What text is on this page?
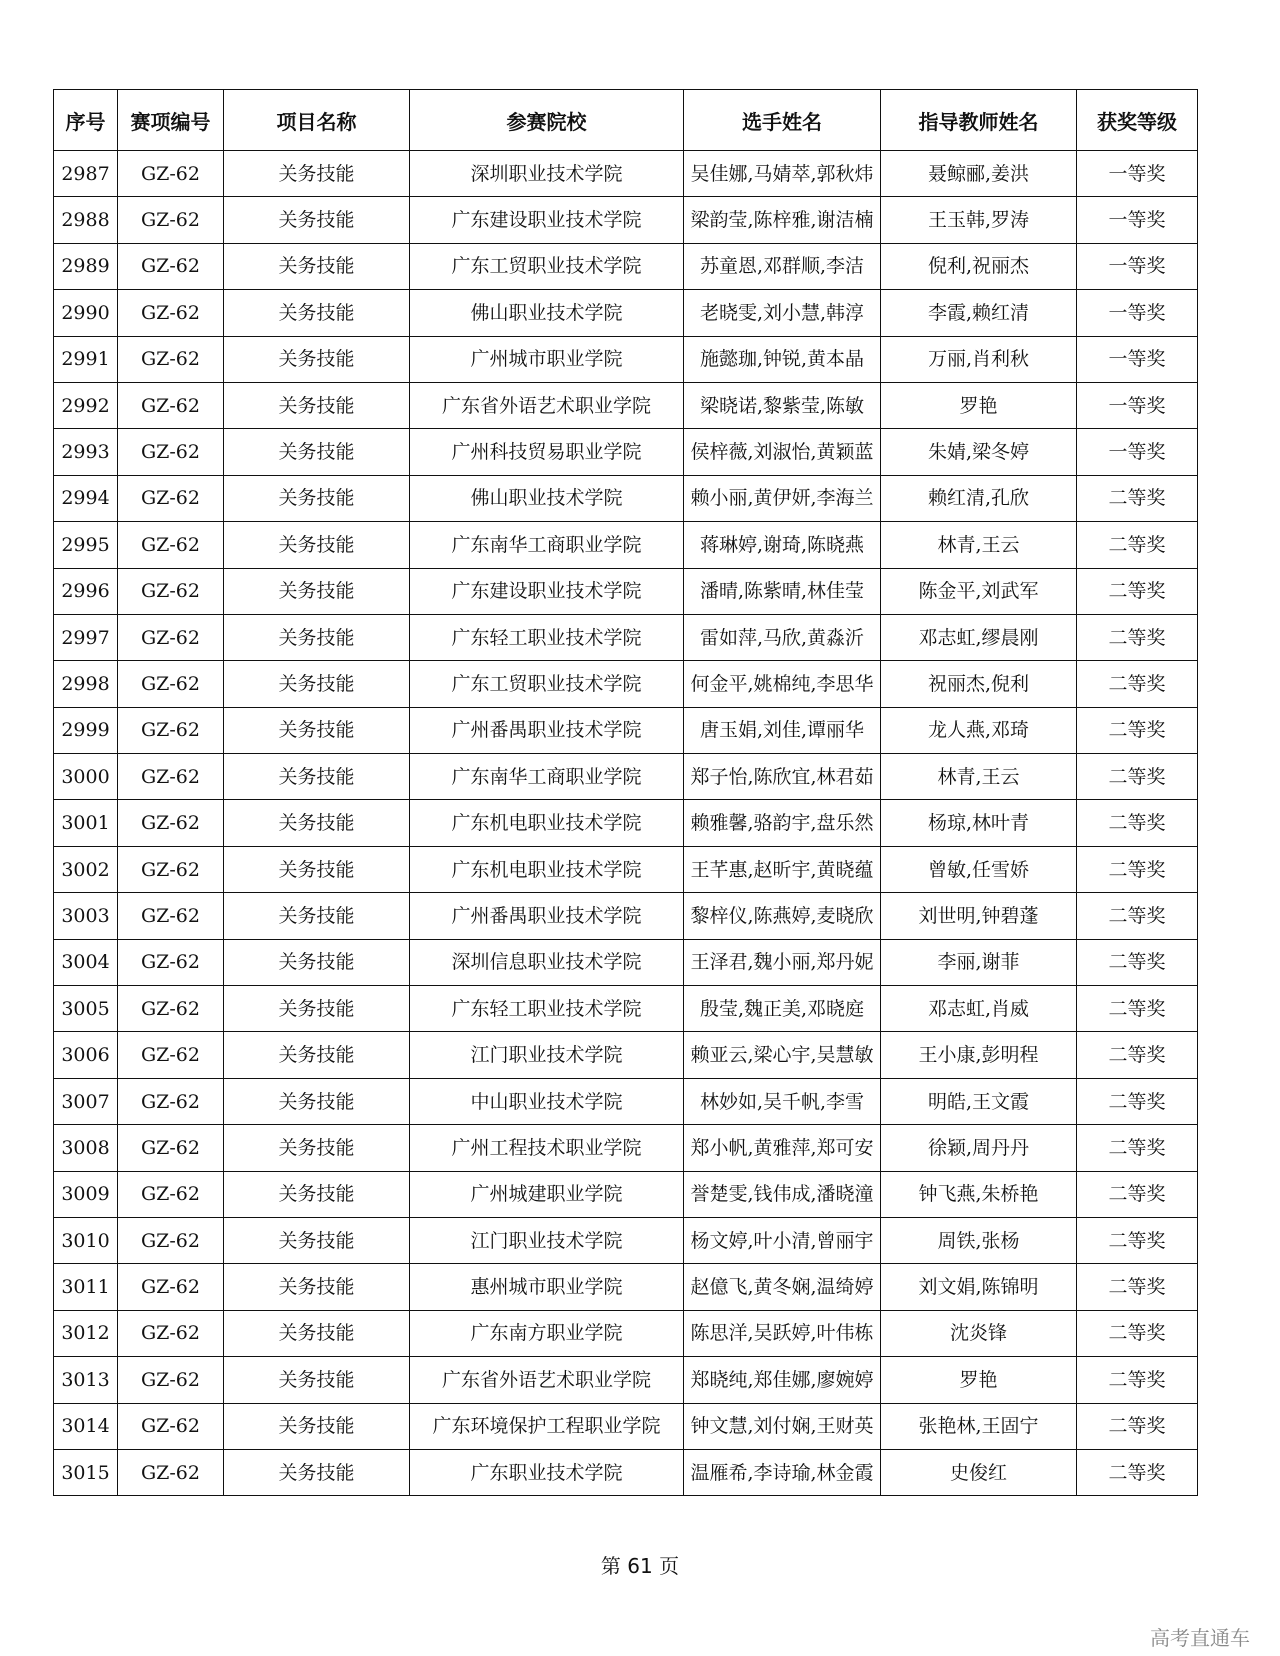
序号	赛项编号	项目名称	参赛院校	选手姓名	指导教师姓名	获奖等级
2987	GZ-62	关务技能	深圳职业技术学院	吴佳娜,马婧萃,郭秋炜	聂鲸郦,姜洪	一等奖
2988	GZ-62	关务技能	广东建设职业技术学院	梁韵莹,陈梓雅,谢洁楠	王玉韩,罗涛	一等奖
2989	GZ-62	关务技能	广东工贸职业技术学院	苏童恩,邓群顺,李洁	倪利,祝丽杰	一等奖
2990	GZ-62	关务技能	佛山职业技术学院	老晓雯,刘小慧,韩淳	李霞,赖红清	一等奖
2991	GZ-62	关务技能	广州城市职业学院	施懿珈,钟锐,黄本晶	万丽,肖利秋	一等奖
2992	GZ-62	关务技能	广东省外语艺术职业学院	梁晓诺,黎紫莹,陈敏	罗艳	一等奖
2993	GZ-62	关务技能	广州科技贸易职业学院	侯梓薇,刘淑怡,黄颖蓝	朱婧,梁冬婷	一等奖
2994	GZ-62	关务技能	佛山职业技术学院	赖小丽,黄伊妍,李海兰	赖红清,孔欣	二等奖
2995	GZ-62	关务技能	广东南华工商职业学院	蒋琳婷,谢琦,陈晓燕	林青,王云	二等奖
2996	GZ-62	关务技能	广东建设职业技术学院	潘晴,陈紫晴,林佳莹	陈金平,刘武军	二等奖
2997	GZ-62	关务技能	广东轻工职业技术学院	雷如萍,马欣,黄淼沂	邓志虹,缪晨刚	二等奖
2998	GZ-62	关务技能	广东工贸职业技术学院	何金平,姚棉纯,李思华	祝丽杰,倪利	二等奖
2999	GZ-62	关务技能	广州番禺职业技术学院	唐玉娟,刘佳,谭丽华	龙人燕,邓琦	二等奖
3000	GZ-62	关务技能	广东南华工商职业学院	郑子怡,陈欣宜,林君茹	林青,王云	二等奖
3001	GZ-62	关务技能	广东机电职业技术学院	赖雅馨,骆韵宇,盘乐然	杨琼,林叶青	二等奖
3002	GZ-62	关务技能	广东机电职业技术学院	王芊惠,赵昕宇,黄晓蕴	曾敏,任雪娇	二等奖
3003	GZ-62	关务技能	广州番禺职业技术学院	黎梓仪,陈燕婷,麦晓欣	刘世明,钟碧蓬	二等奖
3004	GZ-62	关务技能	深圳信息职业技术学院	王泽君,魏小丽,郑丹妮	李丽,谢菲	二等奖
3005	GZ-62	关务技能	广东轻工职业技术学院	殷莹,魏正美,邓晓庭	邓志虹,肖威	二等奖
3006	GZ-62	关务技能	江门职业技术学院	赖亚云,梁心宇,吴慧敏	王小康,彭明程	二等奖
3007	GZ-62	关务技能	中山职业技术学院	林妙如,吴千帆,李雪	明皓,王文霞	二等奖
3008	GZ-62	关务技能	广州工程技术职业学院	郑小帆,黄雅萍,郑可安	徐颖,周丹丹	二等奖
3009	GZ-62	关务技能	广州城建职业学院	誉楚雯,钱伟成,潘晓潼	钟飞燕,朱桥艳	二等奖
3010	GZ-62	关务技能	江门职业技术学院	杨文婷,叶小清,曾丽宇	周铁,张杨	二等奖
3011	GZ-62	关务技能	惠州城市职业学院	赵億飞,黄冬娴,温绮婷	刘文娟,陈锦明	二等奖
3012	GZ-62	关务技能	广东南方职业学院	陈思洋,吴跃婷,叶伟栋	沈炎锋	二等奖
3013	GZ-62	关务技能	广东省外语艺术职业学院	郑晓纯,郑佳娜,廖婉婷	罗艳	二等奖
3014	GZ-62	关务技能	广东环境保护工程职业学院	钟文慧,刘付娴,王财英	张艳林,王固宁	二等奖
3015	GZ-62	关务技能	广东职业技术学院	温雁希,李诗瑜,林金霞	史俊红	二等奖
第 61 页
高考直通车
